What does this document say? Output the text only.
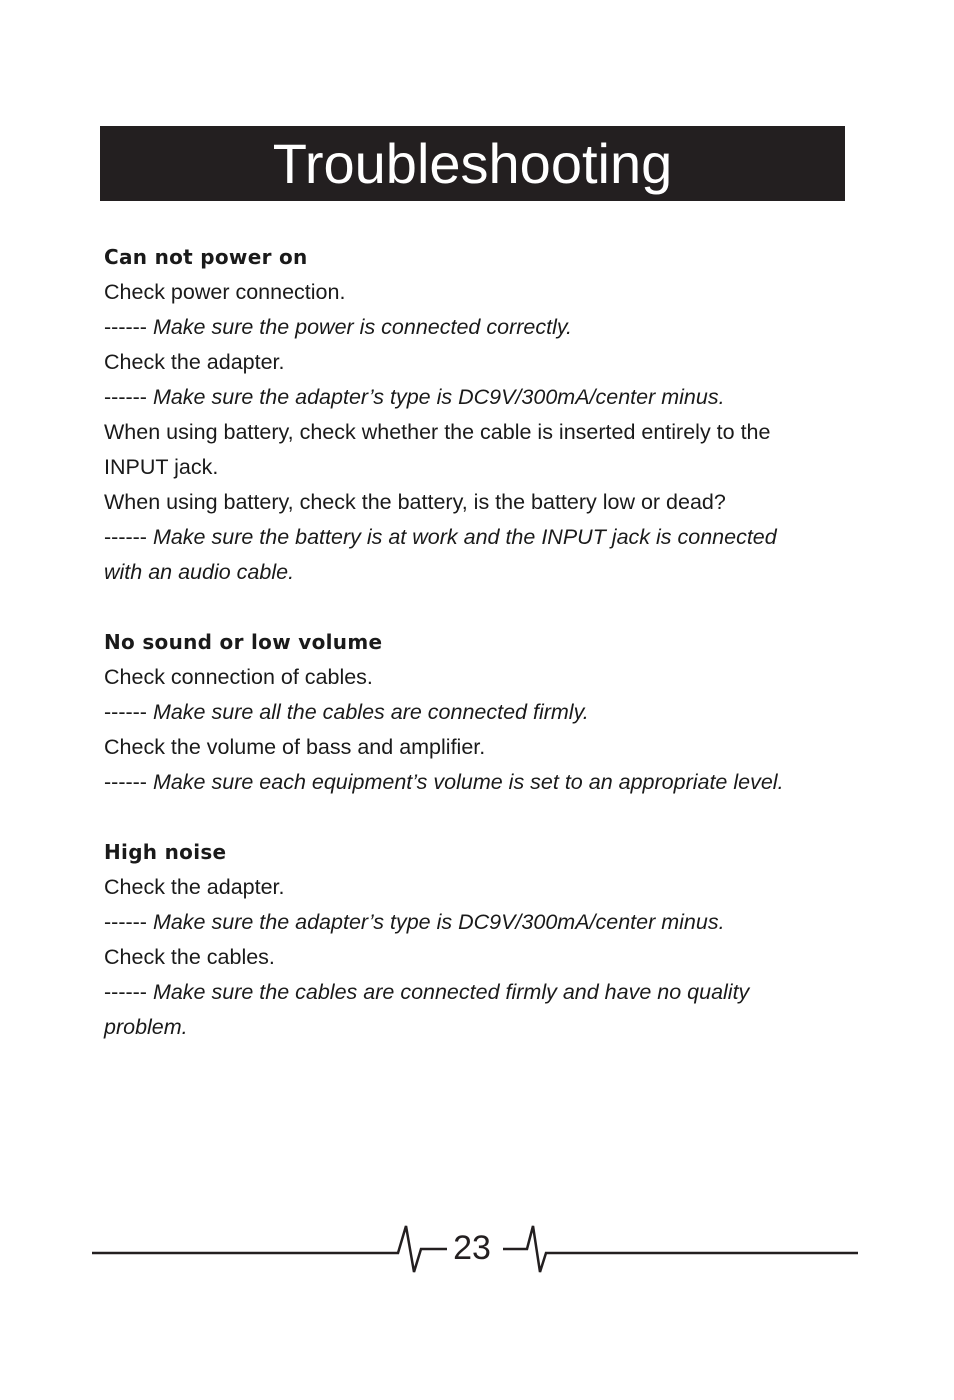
Troubleshooting
Can not power on
Check power connection.
------ Make sure the power is connected correctly.
Check the adapter.
------ Make sure the adapter’s type is DC9V/300mA/center minus.
When using battery, check whether the cable is inserted entirely to the
INPUT jack.
When using battery, check the battery, is the battery low or dead?
------ Make sure the battery is at work and the INPUT jack is connected
with an audio cable.
No sound or low volume
Check connection of cables.
------ Make sure all the cables are connected firmly.
Check the volume of bass and amplifier.
------ Make sure each equipment’s volume is set to an appropriate level.
High noise
Check the adapter.
------ Make sure the adapter’s type is DC9V/300mA/center minus.
Check the cables.
------ Make sure the cables are connected firmly and have no quality
problem.
23
